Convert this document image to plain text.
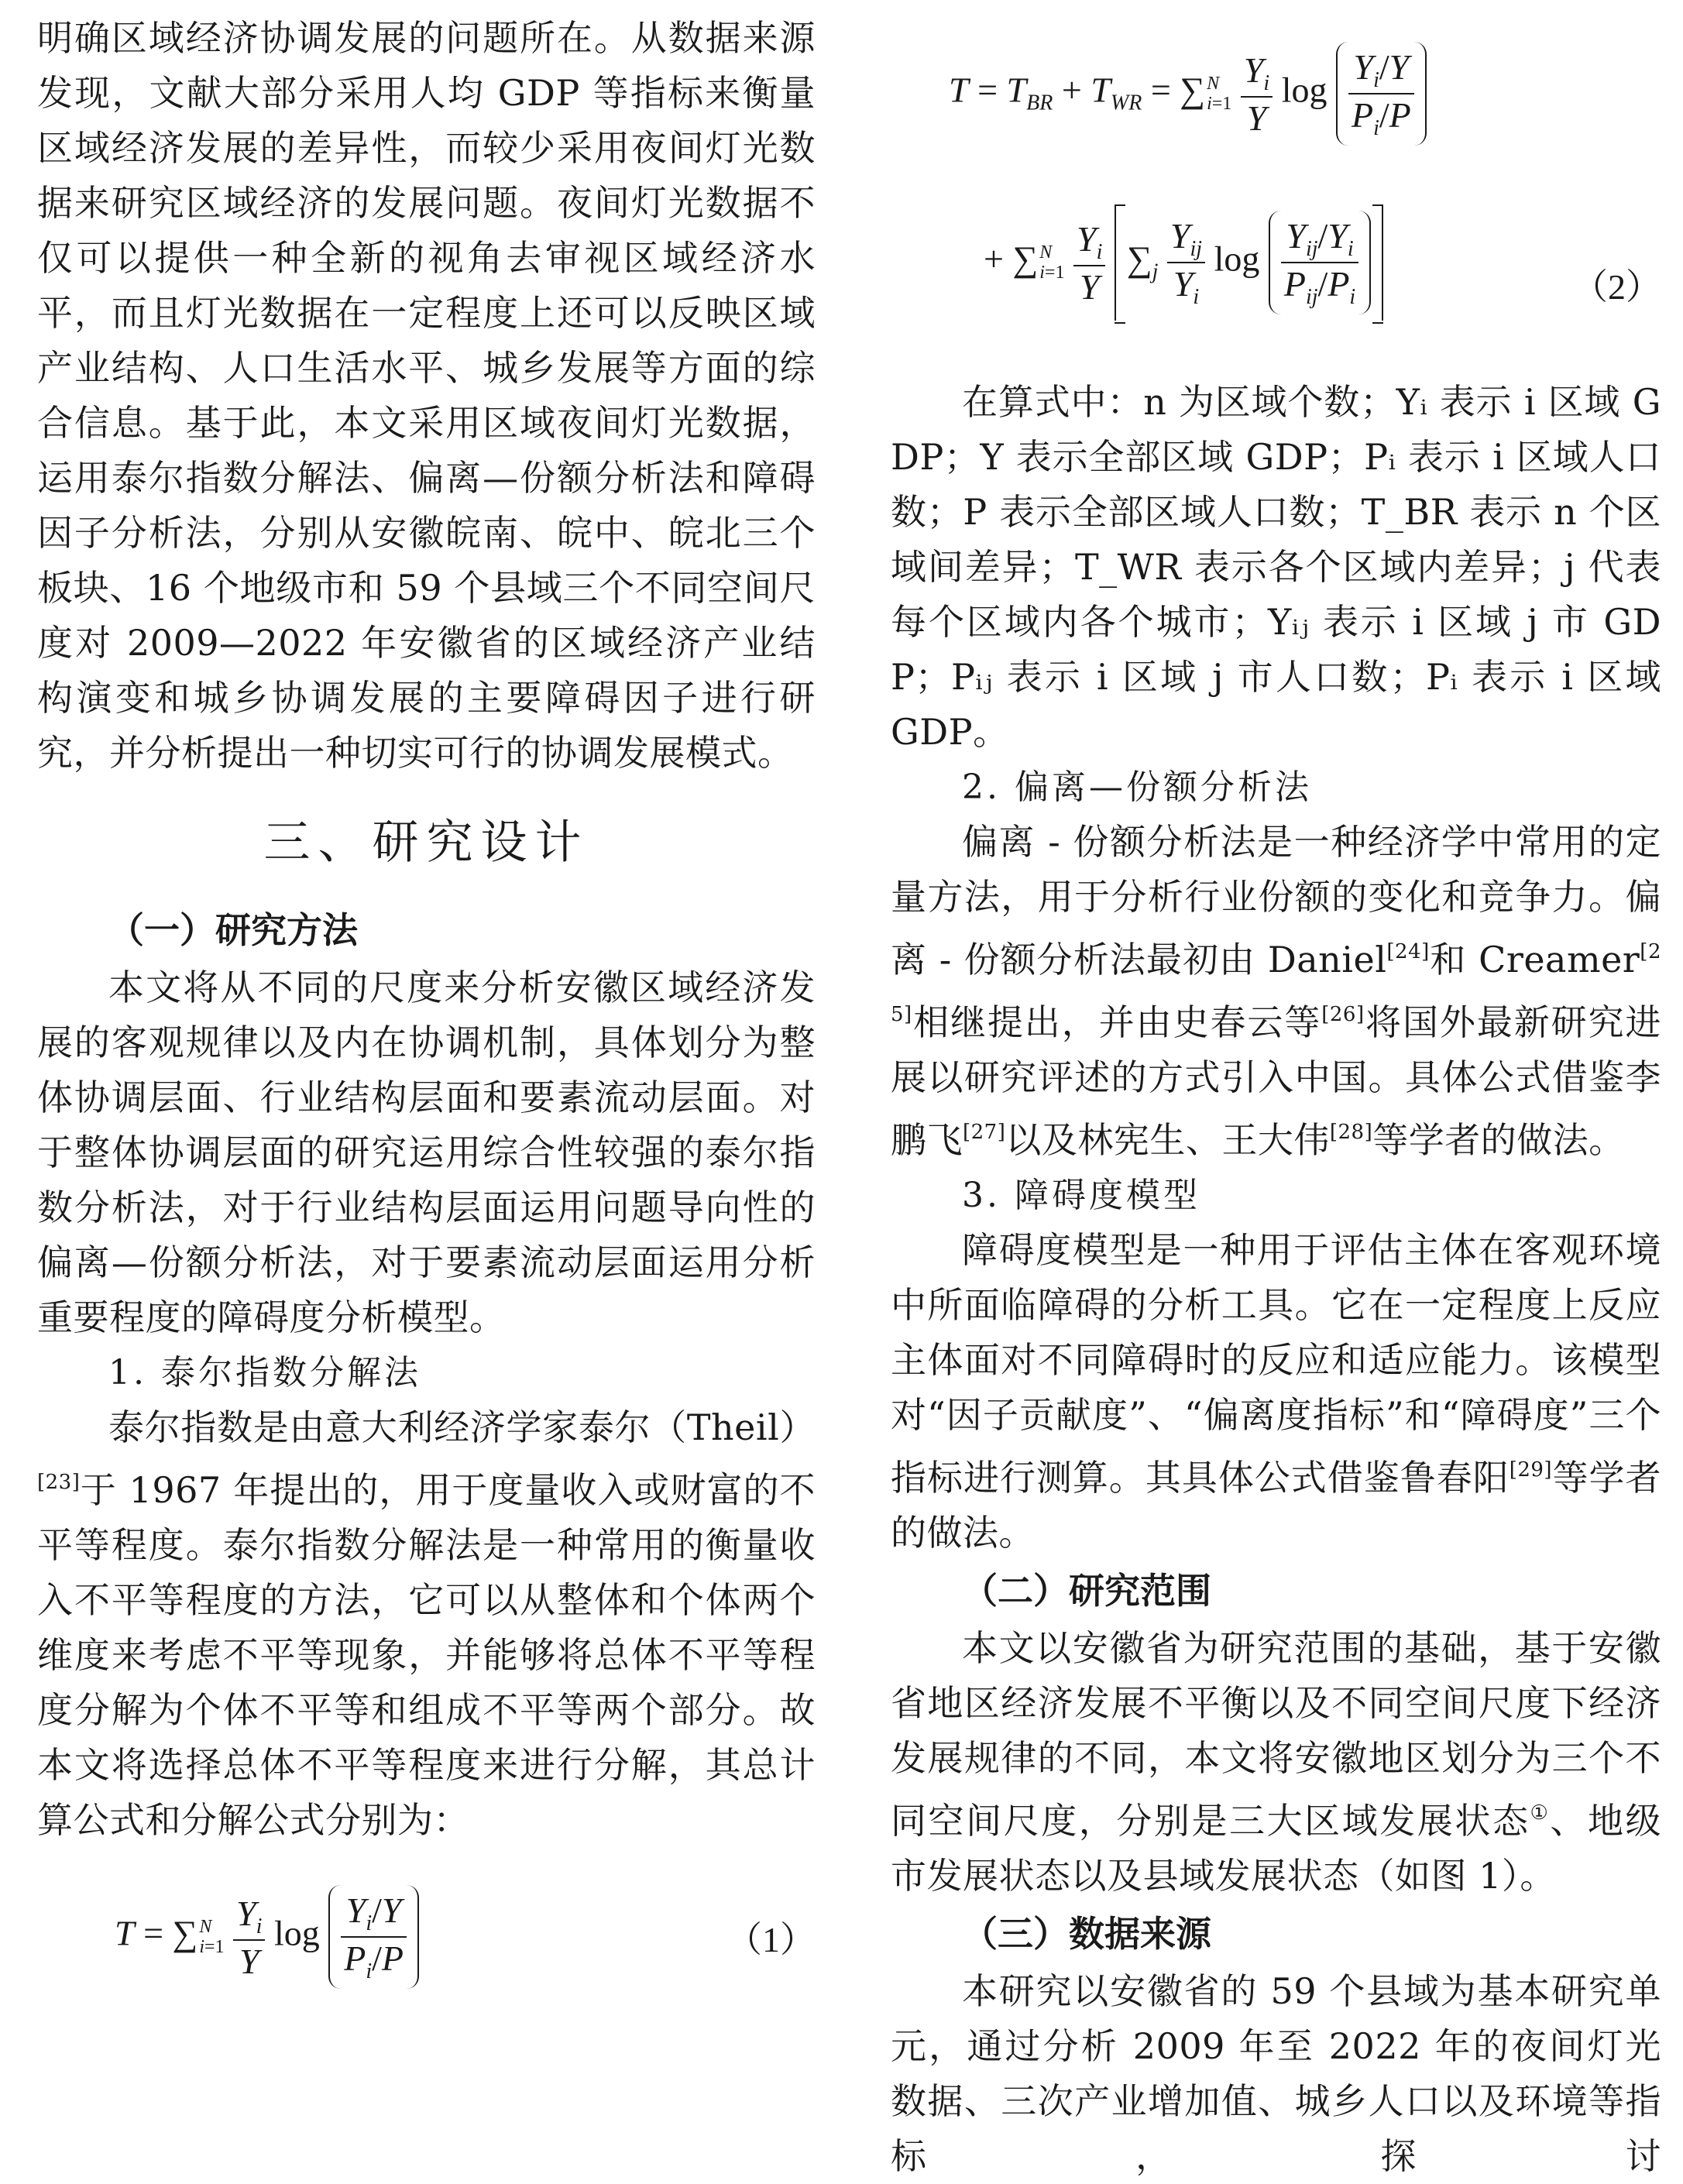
明确区域经济协调发展的问题所在。从数据来源发现，文献大部分采用人均 GDP 等指标来衡量区域经济发展的差异性，而较少采用夜间灯光数据来研究区域经济的发展问题。夜间灯光数据不仅可以提供一种全新的视角去审视区域经济水平，而且灯光数据在一定程度上还可以反映区域产业结构、人口生活水平、城乡发展等方面的综合信息。基于此，本文采用区域夜间灯光数据，运用泰尔指数分解法、偏离—份额分析法和障碍因子分析法，分别从安徽皖南、皖中、皖北三个板块、16 个地级市和 59 个县域三个不同空间尺度对 2009—2022 年安徽省的区域经济产业结构演变和城乡协调发展的主要障碍因子进行研究，并分析提出一种切实可行的协调发展模式。

三、研究设计
（一）研究方法

本文将从不同的尺度来分析安徽区域经济发展的客观规律以及内在协调机制，具体划分为整体协调层面、行业结构层面和要素流动层面。对于整体协调层面的研究运用综合性较强的泰尔指数分析法，对于行业结构层面运用问题导向性的偏离—份额分析法，对于要素流动层面运用分析重要程度的障碍度分析模型。

1. 泰尔指数分解法

泰尔指数是由意大利经济学家泰尔（Theil）[23]于 1967 年提出的，用于度量收入或财富的不平等程度。泰尔指数分解法是一种常用的衡量收入不平等程度的方法，它可以从整体和个体两个维度来考虑不平等现象，并能够将总体不平等程度分解为个体不平等和组成不平等两个部分。故本文将选择总体不平等程度来进行分解，其总计算公式和分解公式分别为：

T = ∑N
$i=1 \frac{Y_i}{Y}$ $\log \frac{Y_i/Y}{P_i/P}$	（1）
$T = T_{BR} + T_{WR} = \sum N$
$i=1 \frac{Y_i}{Y}$ $\log \frac{Y_i/Y}{P_i/P}$
+ ∑N
$i=1 \frac{Y_i}{Y} \sum_j \frac{Y_{ij}}{Y_i}$ $\log \frac{Y_{ij}/Y_i}{P_{ij}/P_i}$	（2）

在算式中：n 为区域个数；Yᵢ 表示 i 区域 GDP；Y 表示全部区域 GDP；Pᵢ 表示 i 区域人口数；P 表示全部区域人口数；T_BR 表示 n 个区域间差异；T_WR 表示各个区域内差异；j 代表每个区域内各个城市；Yᵢⱼ 表示 i 区域 j 市 GDP；Pᵢⱼ 表示 i 区域 j 市人口数；Pᵢ 表示 i 区域 GDP。

2. 偏离—份额分析法

偏离 - 份额分析法是一种经济学中常用的定量方法，用于分析行业份额的变化和竞争力。偏离 - 份额分析法最初由 Daniel[24]和 Creamer[25]相继提出，并由史春云等[26]将国外最新研究进展以研究评述的方式引入中国。具体公式借鉴李鹏飞[27]以及林宪生、王大伟[28]等学者的做法。

3. 障碍度模型

障碍度模型是一种用于评估主体在客观环境中所面临障碍的分析工具。它在一定程度上反应主体面对不同障碍时的反应和适应能力。该模型对“因子贡献度”、“偏离度指标”和“障碍度”三个指标进行测算。其具体公式借鉴鲁春阳[29]等学者的做法。

（二）研究范围

本文以安徽省为研究范围的基础，基于安徽省地区经济发展不平衡以及不同空间尺度下经济发展规律的不同，本文将安徽地区划分为三个不同空间尺度，分别是三大区域发展状态①、地级市发展状态以及县域发展状态（如图 1）。

（三）数据来源

本研究以安徽省的 59 个县域为基本研究单元，通过分析 2009 年至 2022 年的夜间灯光数据、三次产业增加值、城乡人口以及环境等指标，探讨
